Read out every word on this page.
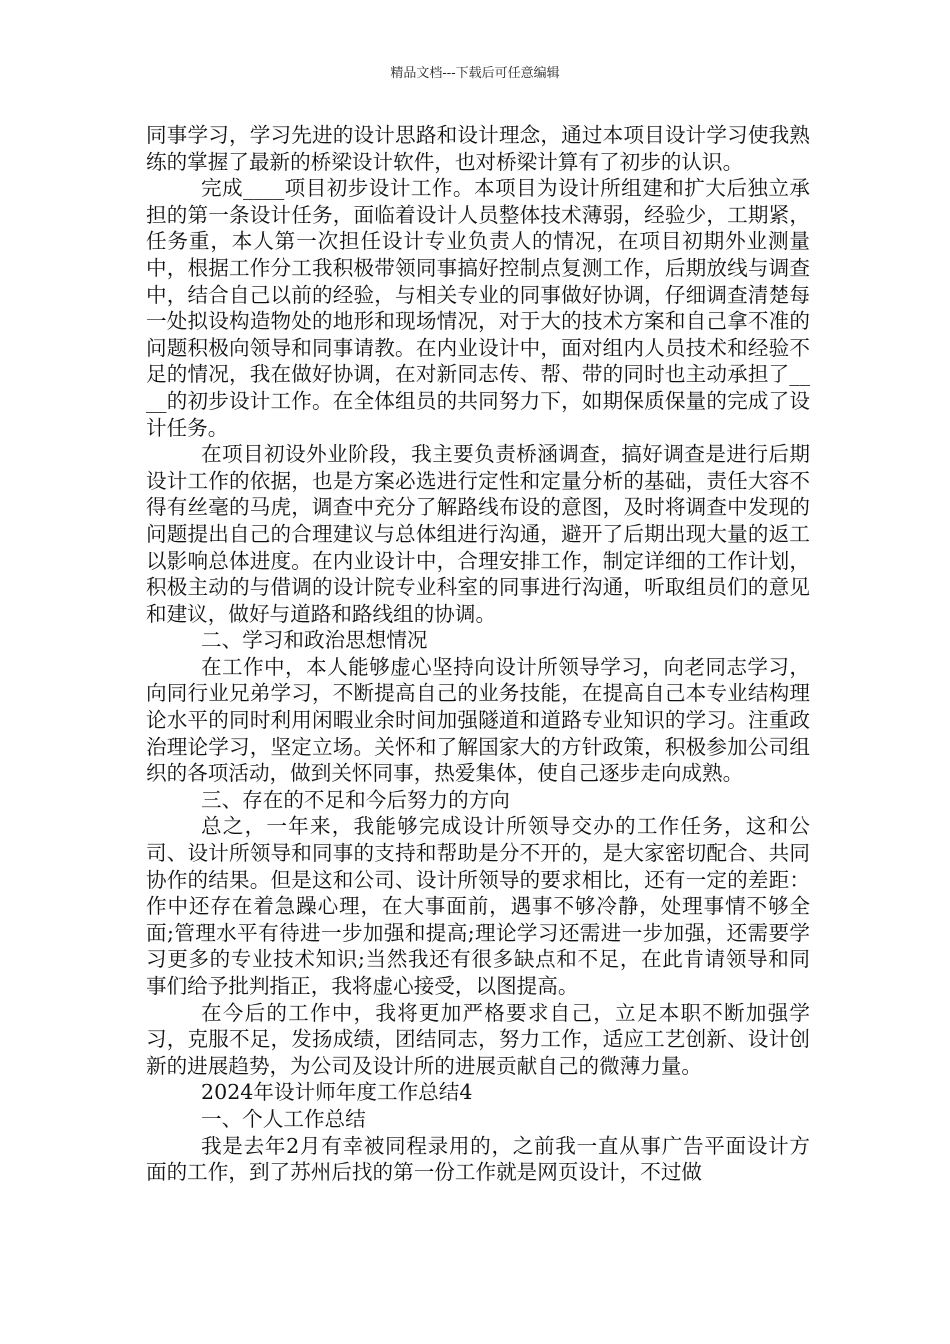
精品文档---下载后可任意编辑

同事学习，学习先进的设计思路和设计理念，通过本项目设计学习使我熟练的掌握了最新的桥梁设计软件，也对桥梁计算有了初步的认识。

完成____项目初步设计工作。本项目为设计所组建和扩大后独立承担的第一条设计任务，面临着设计人员整体技术薄弱，经验少，工期紧，任务重，本人第一次担任设计专业负责人的情况，在项目初期外业测量中，根据工作分工我积极带领同事搞好控制点复测工作，后期放线与调查中，结合自己以前的经验，与相关专业的同事做好协调，仔细调查清楚每一处拟设构造物处的地形和现场情况，对于大的技术方案和自己拿不准的问题积极向领导和同事请教。在内业设计中，面对组内人员技术和经验不足的情况，我在做好协调，在对新同志传、帮、带的同时也主动承担了____的初步设计工作。在全体组员的共同努力下，如期保质保量的完成了设计任务。

在项目初设外业阶段，我主要负责桥涵调查，搞好调查是进行后期设计工作的依据，也是方案必选进行定性和定量分析的基础，责任大容不得有丝毫的马虎，调查中充分了解路线布设的意图，及时将调查中发现的问题提出自己的合理建议与总体组进行沟通，避开了后期出现大量的返工以影响总体进度。在内业设计中，合理安排工作，制定详细的工作计划，积极主动的与借调的设计院专业科室的同事进行沟通，听取组员们的意见和建议，做好与道路和路线组的协调。

二、学习和政治思想情况

在工作中，本人能够虚心坚持向设计所领导学习，向老同志学习，向同行业兄弟学习，不断提高自己的业务技能，在提高自己本专业结构理论水平的同时利用闲暇业余时间加强隧道和道路专业知识的学习。注重政治理论学习，坚定立场。关怀和了解国家大的方针政策，积极参加公司组织的各项活动，做到关怀同事，热爱集体，使自己逐步走向成熟。

三、存在的不足和今后努力的方向

总之，一年来，我能够完成设计所领导交办的工作任务，这和公司、设计所领导和同事的支持和帮助是分不开的，是大家密切配合、共同协作的结果。但是这和公司、设计所领导的要求相比，还有一定的差距：作中还存在着急躁心理，在大事面前，遇事不够冷静，处理事情不够全面;管理水平有待进一步加强和提高;理论学习还需进一步加强，还需要学习更多的专业技术知识;当然我还有很多缺点和不足，在此肯请领导和同事们给予批判指正，我将虚心接受，以图提高。

在今后的工作中，我将更加严格要求自己，立足本职不断加强学习，克服不足，发扬成绩，团结同志，努力工作，适应工艺创新、设计创新的进展趋势，为公司及设计所的进展贡献自己的微薄力量。

2024年设计师年度工作总结4

一、个人工作总结

我是去年2月有幸被同程录用的，之前我一直从事广告平面设计方面的工作，到了苏州后找的第一份工作就是网页设计，不过做
